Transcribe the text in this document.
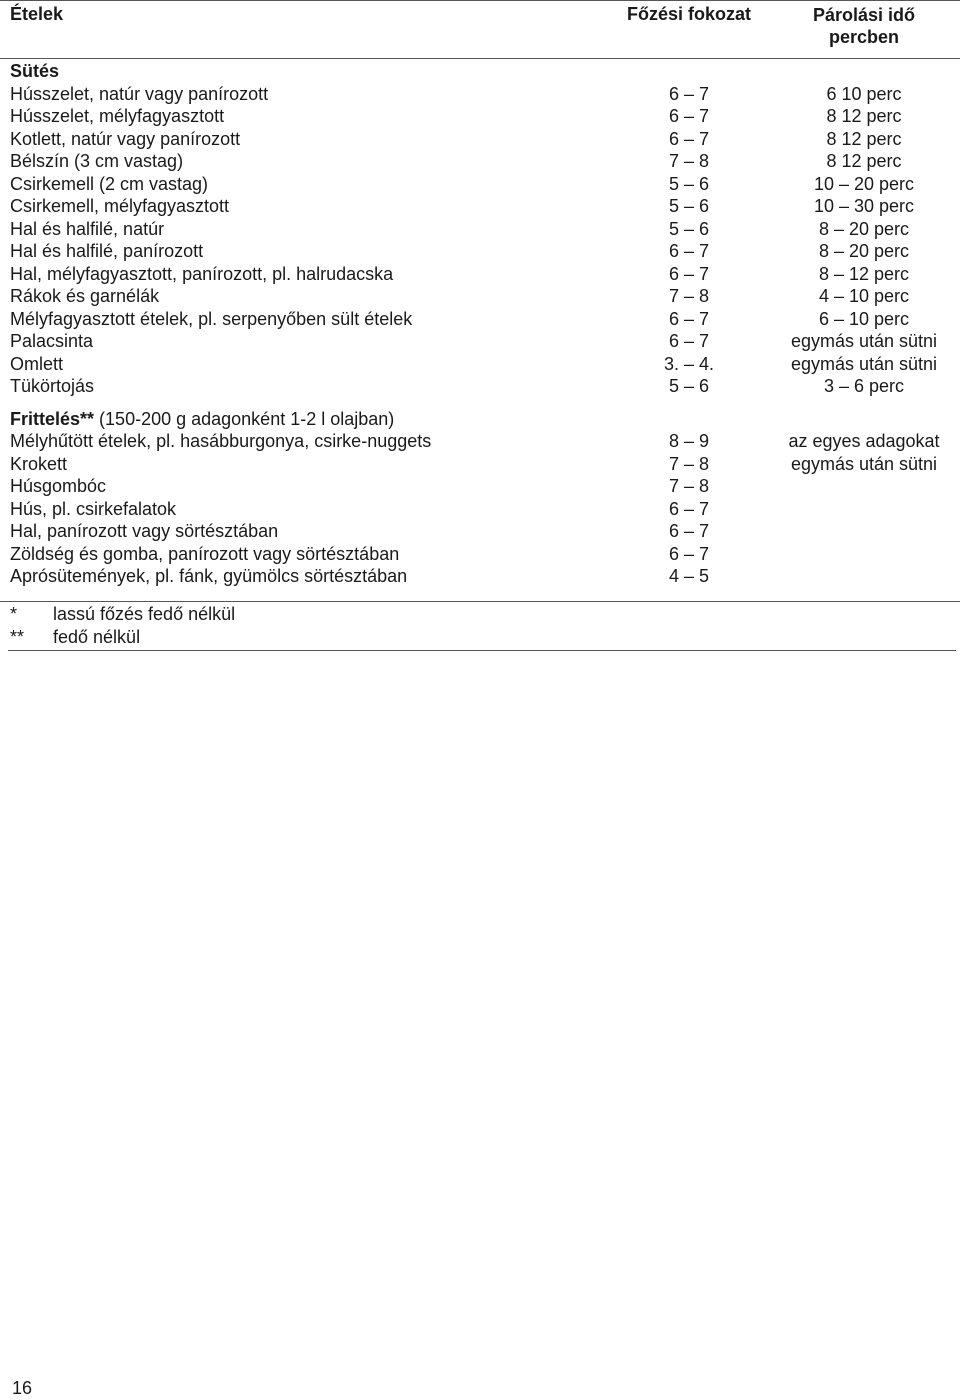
Ételek	Főzési fokozat	Párolási idő percben
Sütés
Hússzelet, natúr vagy panírozott	6 – 7	6 10 perc
Hússzelet, mélyfagyasztott	6 – 7	8 12 perc
Kotlett, natúr vagy panírozott	6 – 7	8 12 perc
Bélszín (3 cm vastag)	7 – 8	8 12 perc
Csirkemell (2 cm vastag)	5 – 6	10 – 20 perc
Csirkemell, mélyfagyasztott	5 – 6	10 – 30 perc
Hal és halfilé, natúr	5 – 6	8 – 20 perc
Hal és halfilé, panírozott	6 – 7	8 – 20 perc
Hal, mélyfagyasztott, panírozott, pl. halrudacska	6 – 7	8 – 12 perc
Rákok és garnélák	7 – 8	4 – 10 perc
Mélyfagyasztott ételek, pl. serpenyőben sült ételek	6 – 7	6 – 10 perc
Palacsinta	6 – 7	egymás után sütni
Omlett	3. – 4.	egymás után sütni
Tükörtojás	5 – 6	3 – 6 perc
Frittelés** (150-200 g adagonként 1-2 l olajban)
Mélyhűtött ételek, pl. hasábburgonya, csirke-nuggets	8 – 9	az egyes adagokat
Krokett	7 – 8	egymás után sütni
Húsgombóc	7 – 8
Hús, pl. csirkefalatok	6 – 7
Hal, panírozott vagy sörtésztában	6 – 7
Zöldség és gomba, panírozott vagy sörtésztában	6 – 7
Aprósütemények, pl. fánk, gyümölcs sörtésztában	4 – 5
* lassú főzés fedő nélkül
** fedő nélkül
16
